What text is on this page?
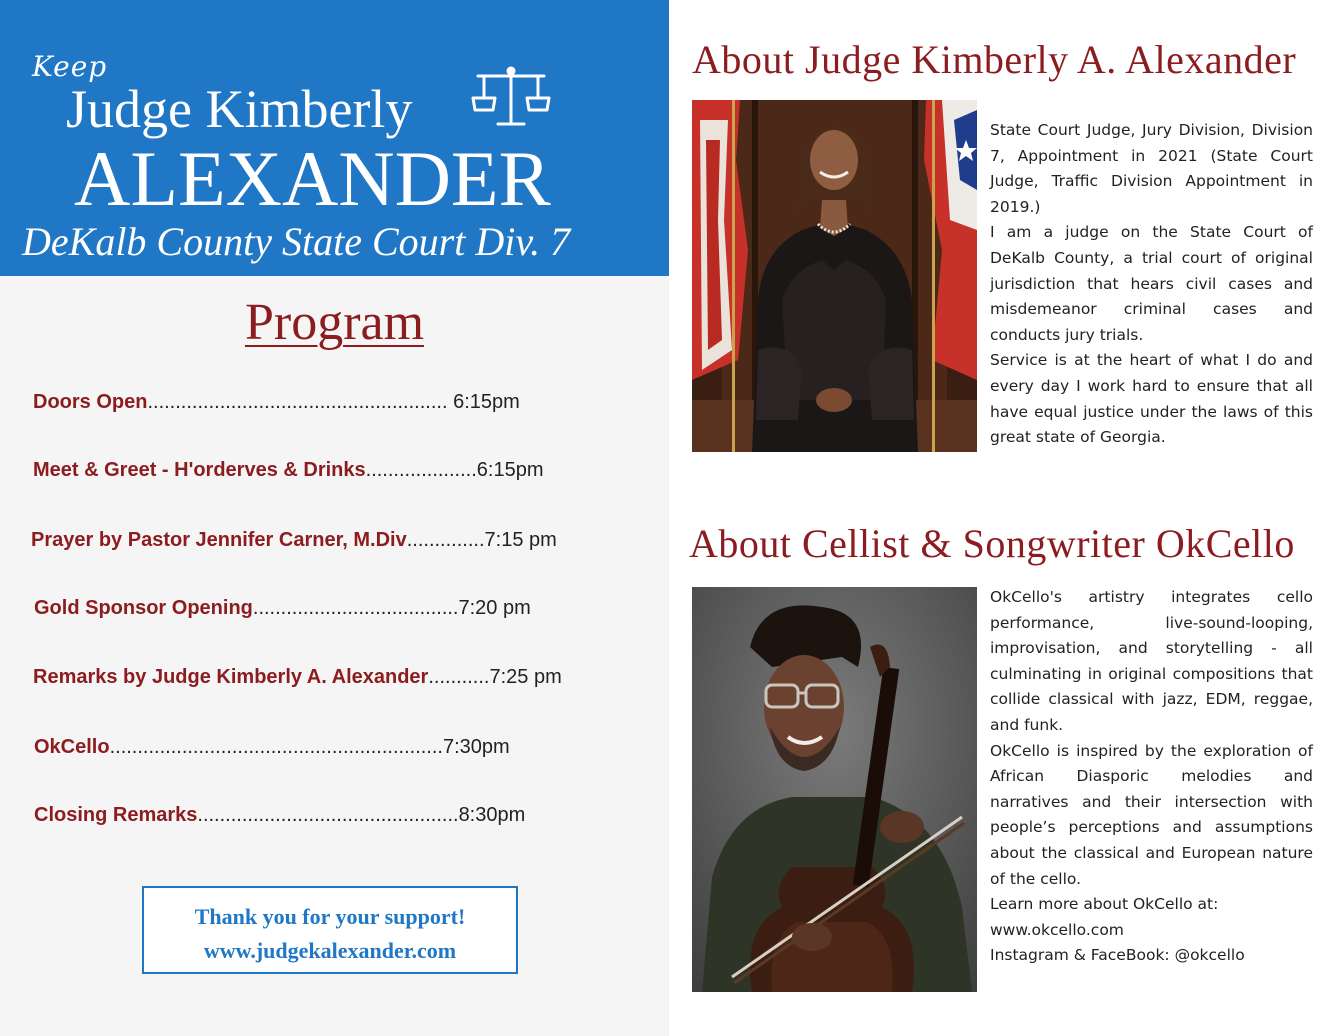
Keep
Judge Kimberly
ALEXANDER
DeKalb County State Court Div. 7
Program
Doors Open...................................................... 6:15pm
Meet & Greet - H'orderves & Drinks....................6:15pm
Prayer by Pastor Jennifer Carner, M.Div..............7:15 pm
Gold Sponsor Opening.....................................7:20 pm
Remarks by Judge Kimberly A. Alexander...........7:25 pm
OkCello............................................................7:30pm
Closing Remarks...............................................8:30pm
Thank you for your support!
www.judgekalexander.com
About Judge Kimberly A. Alexander

State Court Judge, Jury Division, Division 7, Appointment in 2021 (State Court Judge, Traffic Division Appointment in 2019.)

I am a judge on the State Court of DeKalb County, a trial court of original jurisdiction that hears civil cases and misdemeanor criminal cases and conducts jury trials.

Service is at the heart of what I do and every day I work hard to ensure that all have equal justice under the laws of this great state of Georgia.

About Cellist & Songwriter OkCello

OkCello's artistry integrates cello performance, live-sound-looping, improvisation, and storytelling - all culminating in original compositions that collide classical with jazz, EDM, reggae, and funk.

OkCello is inspired by the exploration of African Diasporic melodies and narratives and their intersection with people’s perceptions and assumptions about the classical and European nature of the cello.

Learn more about OkCello at:

www.okcello.com

Instagram & FaceBook: @okcello
